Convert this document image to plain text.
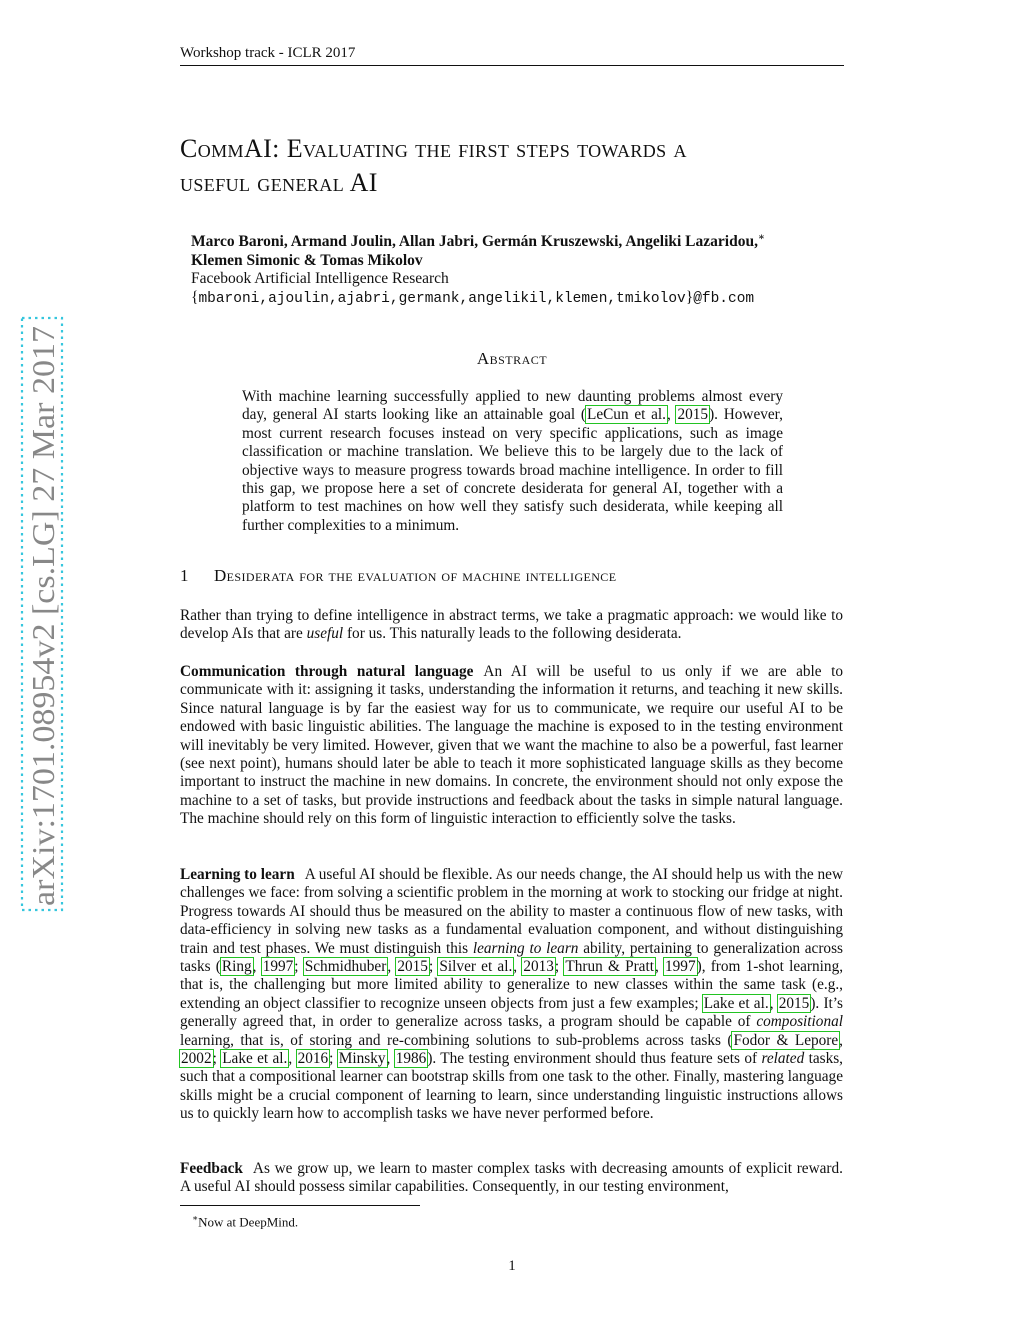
Workshop track - ICLR 2017
arXiv:1701.08954v2 [cs.LG] 27 Mar 2017
CommAI: Evaluating the first steps towards a
useful general AI
Marco Baroni, Armand Joulin, Allan Jabri, Germán Kruszewski, Angeliki Lazaridou,∗
Klemen Simonic & Tomas Mikolov
Facebook Artificial Intelligence Research
{mbaroni,ajoulin,ajabri,germank,angelikil,klemen,tmikolov}@fb.com
Abstract
With machine learning successfully applied to new daunting problems almost every day, general AI starts looking like an attainable goal (LeCun et al., 2015). However, most current research focuses instead on very specific applications, such as image classification or machine translation. We believe this to be largely due to the lack of objective ways to measure progress towards broad machine intelligence. In order to fill this gap, we propose here a set of concrete desiderata for general AI, together with a platform to test machines on how well they satisfy such desiderata, while keeping all further complexities to a minimum.
1 Desiderata for the evaluation of machine intelligence
Rather than trying to define intelligence in abstract terms, we take a pragmatic approach: we would like to develop AIs that are useful for us. This naturally leads to the following desiderata.
Communication through natural language An AI will be useful to us only if we are able to communicate with it: assigning it tasks, understanding the information it returns, and teaching it new skills. Since natural language is by far the easiest way for us to communicate, we require our useful AI to be endowed with basic linguistic abilities. The language the machine is exposed to in the testing environment will inevitably be very limited. However, given that we want the machine to also be a powerful, fast learner (see next point), humans should later be able to teach it more sophisticated language skills as they become important to instruct the machine in new domains. In concrete, the environment should not only expose the machine to a set of tasks, but provide instructions and feedback about the tasks in simple natural language. The machine should rely on this form of linguistic interaction to efficiently solve the tasks.
Learning to learn A useful AI should be flexible. As our needs change, the AI should help us with the new challenges we face: from solving a scientific problem in the morning at work to stocking our fridge at night. Progress towards AI should thus be measured on the ability to master a continuous flow of new tasks, with data-efficiency in solving new tasks as a fundamental evaluation component, and without distinguishing train and test phases. We must distinguish this learning to learn ability, pertaining to generalization across tasks (Ring, 1997; Schmidhuber, 2015; Silver et al., 2013; Thrun & Pratt, 1997), from 1-shot learning, that is, the challenging but more limited ability to generalize to new classes within the same task (e.g., extending an object classifier to recognize unseen objects from just a few examples; Lake et al., 2015). It’s generally agreed that, in order to generalize across tasks, a program should be capable of compositional learning, that is, of storing and re-combining solutions to sub-problems across tasks (Fodor & Lepore, 2002; Lake et al., 2016; Minsky, 1986). The testing environment should thus feature sets of related tasks, such that a compositional learner can bootstrap skills from one task to the other. Finally, mastering language skills might be a crucial component of learning to learn, since understanding linguistic instructions allows us to quickly learn how to accomplish tasks we have never performed before.
Feedback As we grow up, we learn to master complex tasks with decreasing amounts of explicit reward. A useful AI should possess similar capabilities. Consequently, in our testing environment,
∗Now at DeepMind.
1
